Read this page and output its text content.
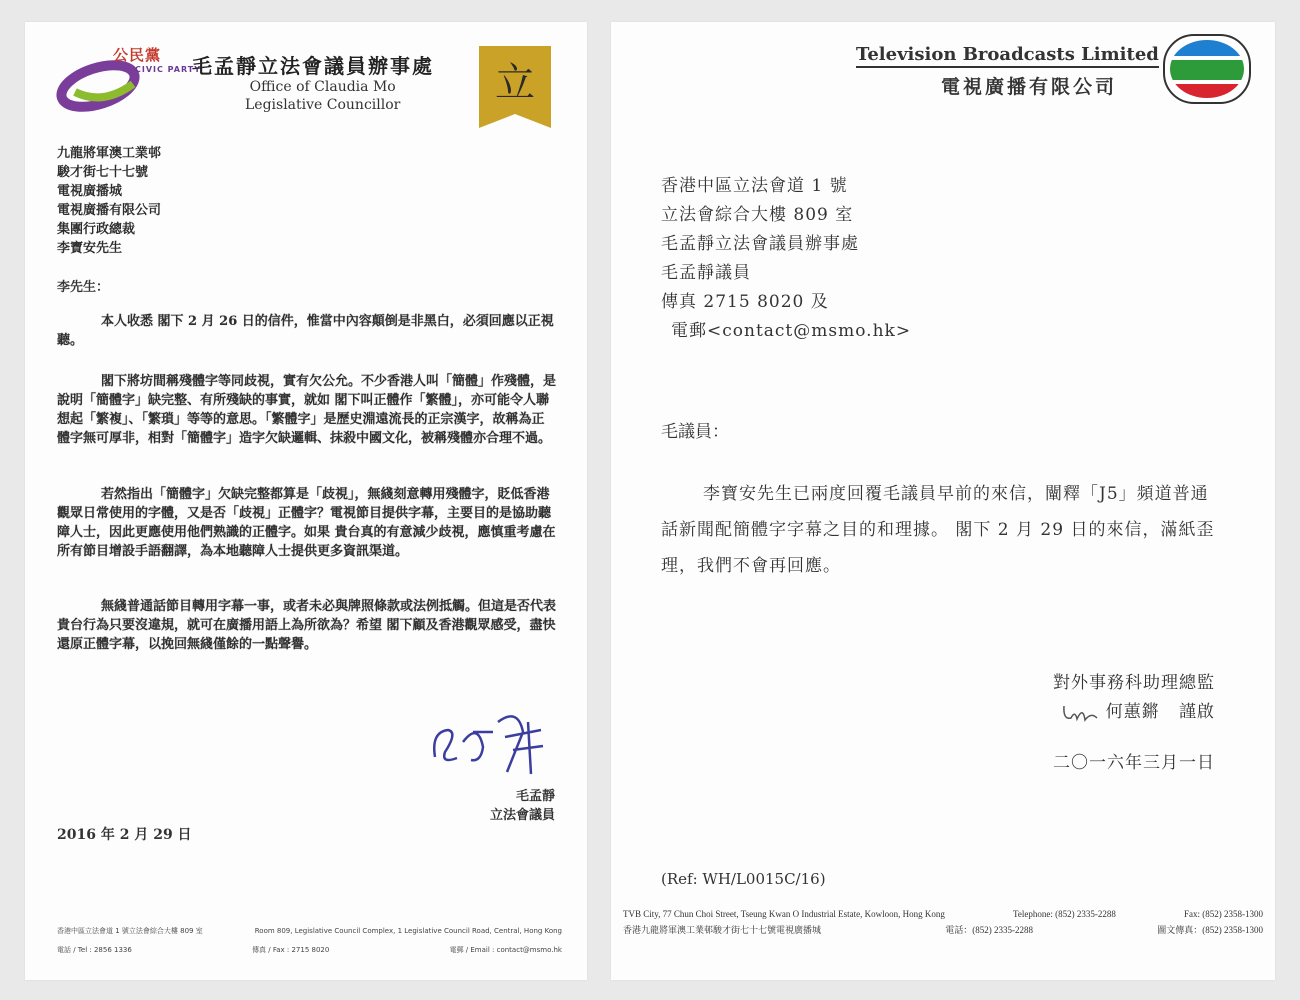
公民黨
CIVIC PARTY
毛孟靜立法會議員辦事處
Office of Claudia Mo
Legislative Councillor 立
九龍將軍澳工業邨
駿才街七十七號
電視廣播城
電視廣播有限公司
集團行政總裁
李寶安先生
李先生：
本人收悉 閣下 2 月 26 日的信件，惟當中內容顛倒是非黑白，必須回應以正視聽。
閣下將坊間稱殘體字等同歧視，實有欠公允。不少香港人叫「簡體」作殘體，是說明「簡體字」缺完整、有所殘缺的事實，就如 閣下叫正體作「繁體」，亦可能令人聯想起「繁複」、「繁瑣」等等的意思。「繁體字」是歷史淵遠流長的正宗漢字，故稱為正體字無可厚非，相對「簡體字」造字欠缺邏輯、抹殺中國文化，被稱殘體亦合理不過。
若然指出「簡體字」欠缺完整都算是「歧視」，無綫刻意轉用殘體字，貶低香港觀眾日常使用的字體，又是否「歧視」正體字？電視節目提供字幕，主要目的是協助聽障人士，因此更應使用他們熟識的正體字。如果 貴台真的有意減少歧視，應慎重考慮在所有節目增設手語翻譯，為本地聽障人士提供更多資訊渠道。
無綫普通話節目轉用字幕一事，或者未必與牌照條款或法例抵觸。但這是否代表 貴台行為只要沒違規，就可在廣播用語上為所欲為？希望 閣下顧及香港觀眾感受，盡快還原正體字幕，以挽回無綫僅餘的一點聲譽。
毛孟靜
立法會議員
2016 年 2 月 29 日
香港中區立法會道 1 號立法會綜合大樓 809 室	Room 809, Legislative Council Complex, 1 Legislative Council Road, Central, Hong Kong
電話 / Tel : 2856 1336	傳真 / Fax : 2715 8020	電郵 / Email : contact@msmo.hk
Television Broadcasts Limited
電視廣播有限公司
香港中區立法會道 1 號
立法會綜合大樓 809 室
毛孟靜立法會議員辦事處
毛孟靜議員
傳真 2715 8020 及
電郵<contact@msmo.hk>
毛議員：
李寶安先生已兩度回覆毛議員早前的來信，闡釋「J5」頻道普通話新聞配簡體字字幕之目的和理據。 閣下 2 月 29 日的來信，滿紙歪理，我們不會再回應。
對外事務科助理總監
何蕙鏘 謹啟
二〇一六年三月一日
(Ref: WH/L0015C/16)
TVB City, 77 Chun Choi Street, Tseung Kwan O Industrial Estate, Kowloon, Hong Kong	Telephone: (852) 2335-2288	Fax: (852) 2358-1300
香港九龍將軍澳工業邨駿才街七十七號電視廣播城	電話：(852) 2335-2288	圖文傳真：(852) 2358-1300
